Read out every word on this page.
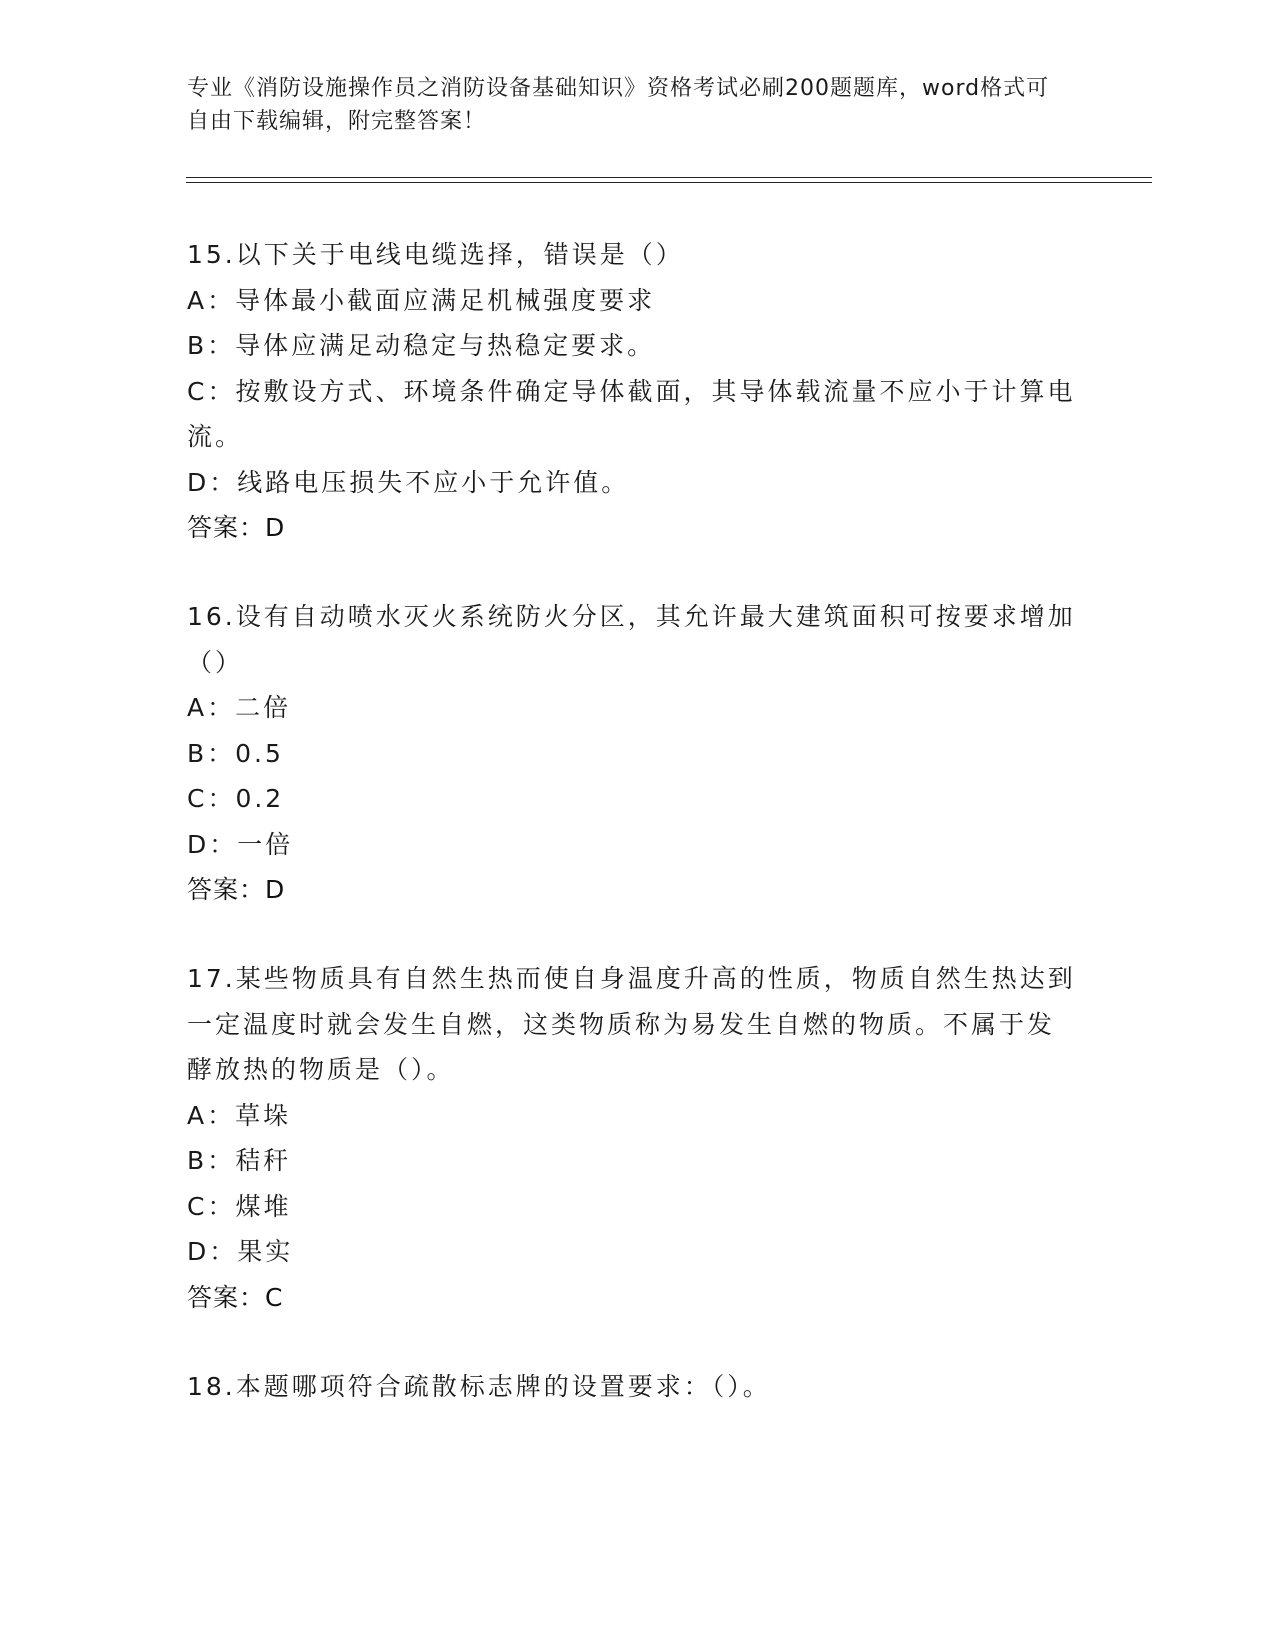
专业《消防设施操作员之消防设备基础知识》资格考试必刷200题题库，word格式可自由下载编辑，附完整答案！
15.以下关于电线电缆选择，错误是（）
A：导体最小截面应满足机械强度要求
B：导体应满足动稳定与热稳定要求。
C：按敷设方式、环境条件确定导体截面，其导体载流量不应小于计算电流。
D：线路电压损失不应小于允许值。
答案：D
16.设有自动喷水灭火系统防火分区，其允许最大建筑面积可按要求增加（）
A：二倍
B：0.5
C：0.2
D：一倍
答案：D
17.某些物质具有自然生热而使自身温度升高的性质，物质自然生热达到一定温度时就会发生自燃，这类物质称为易发生自燃的物质。不属于发酵放热的物质是（）。
A：草垛
B：秸秆
C：煤堆
D：果实
答案：C
18.本题哪项符合疏散标志牌的设置要求：（）。
